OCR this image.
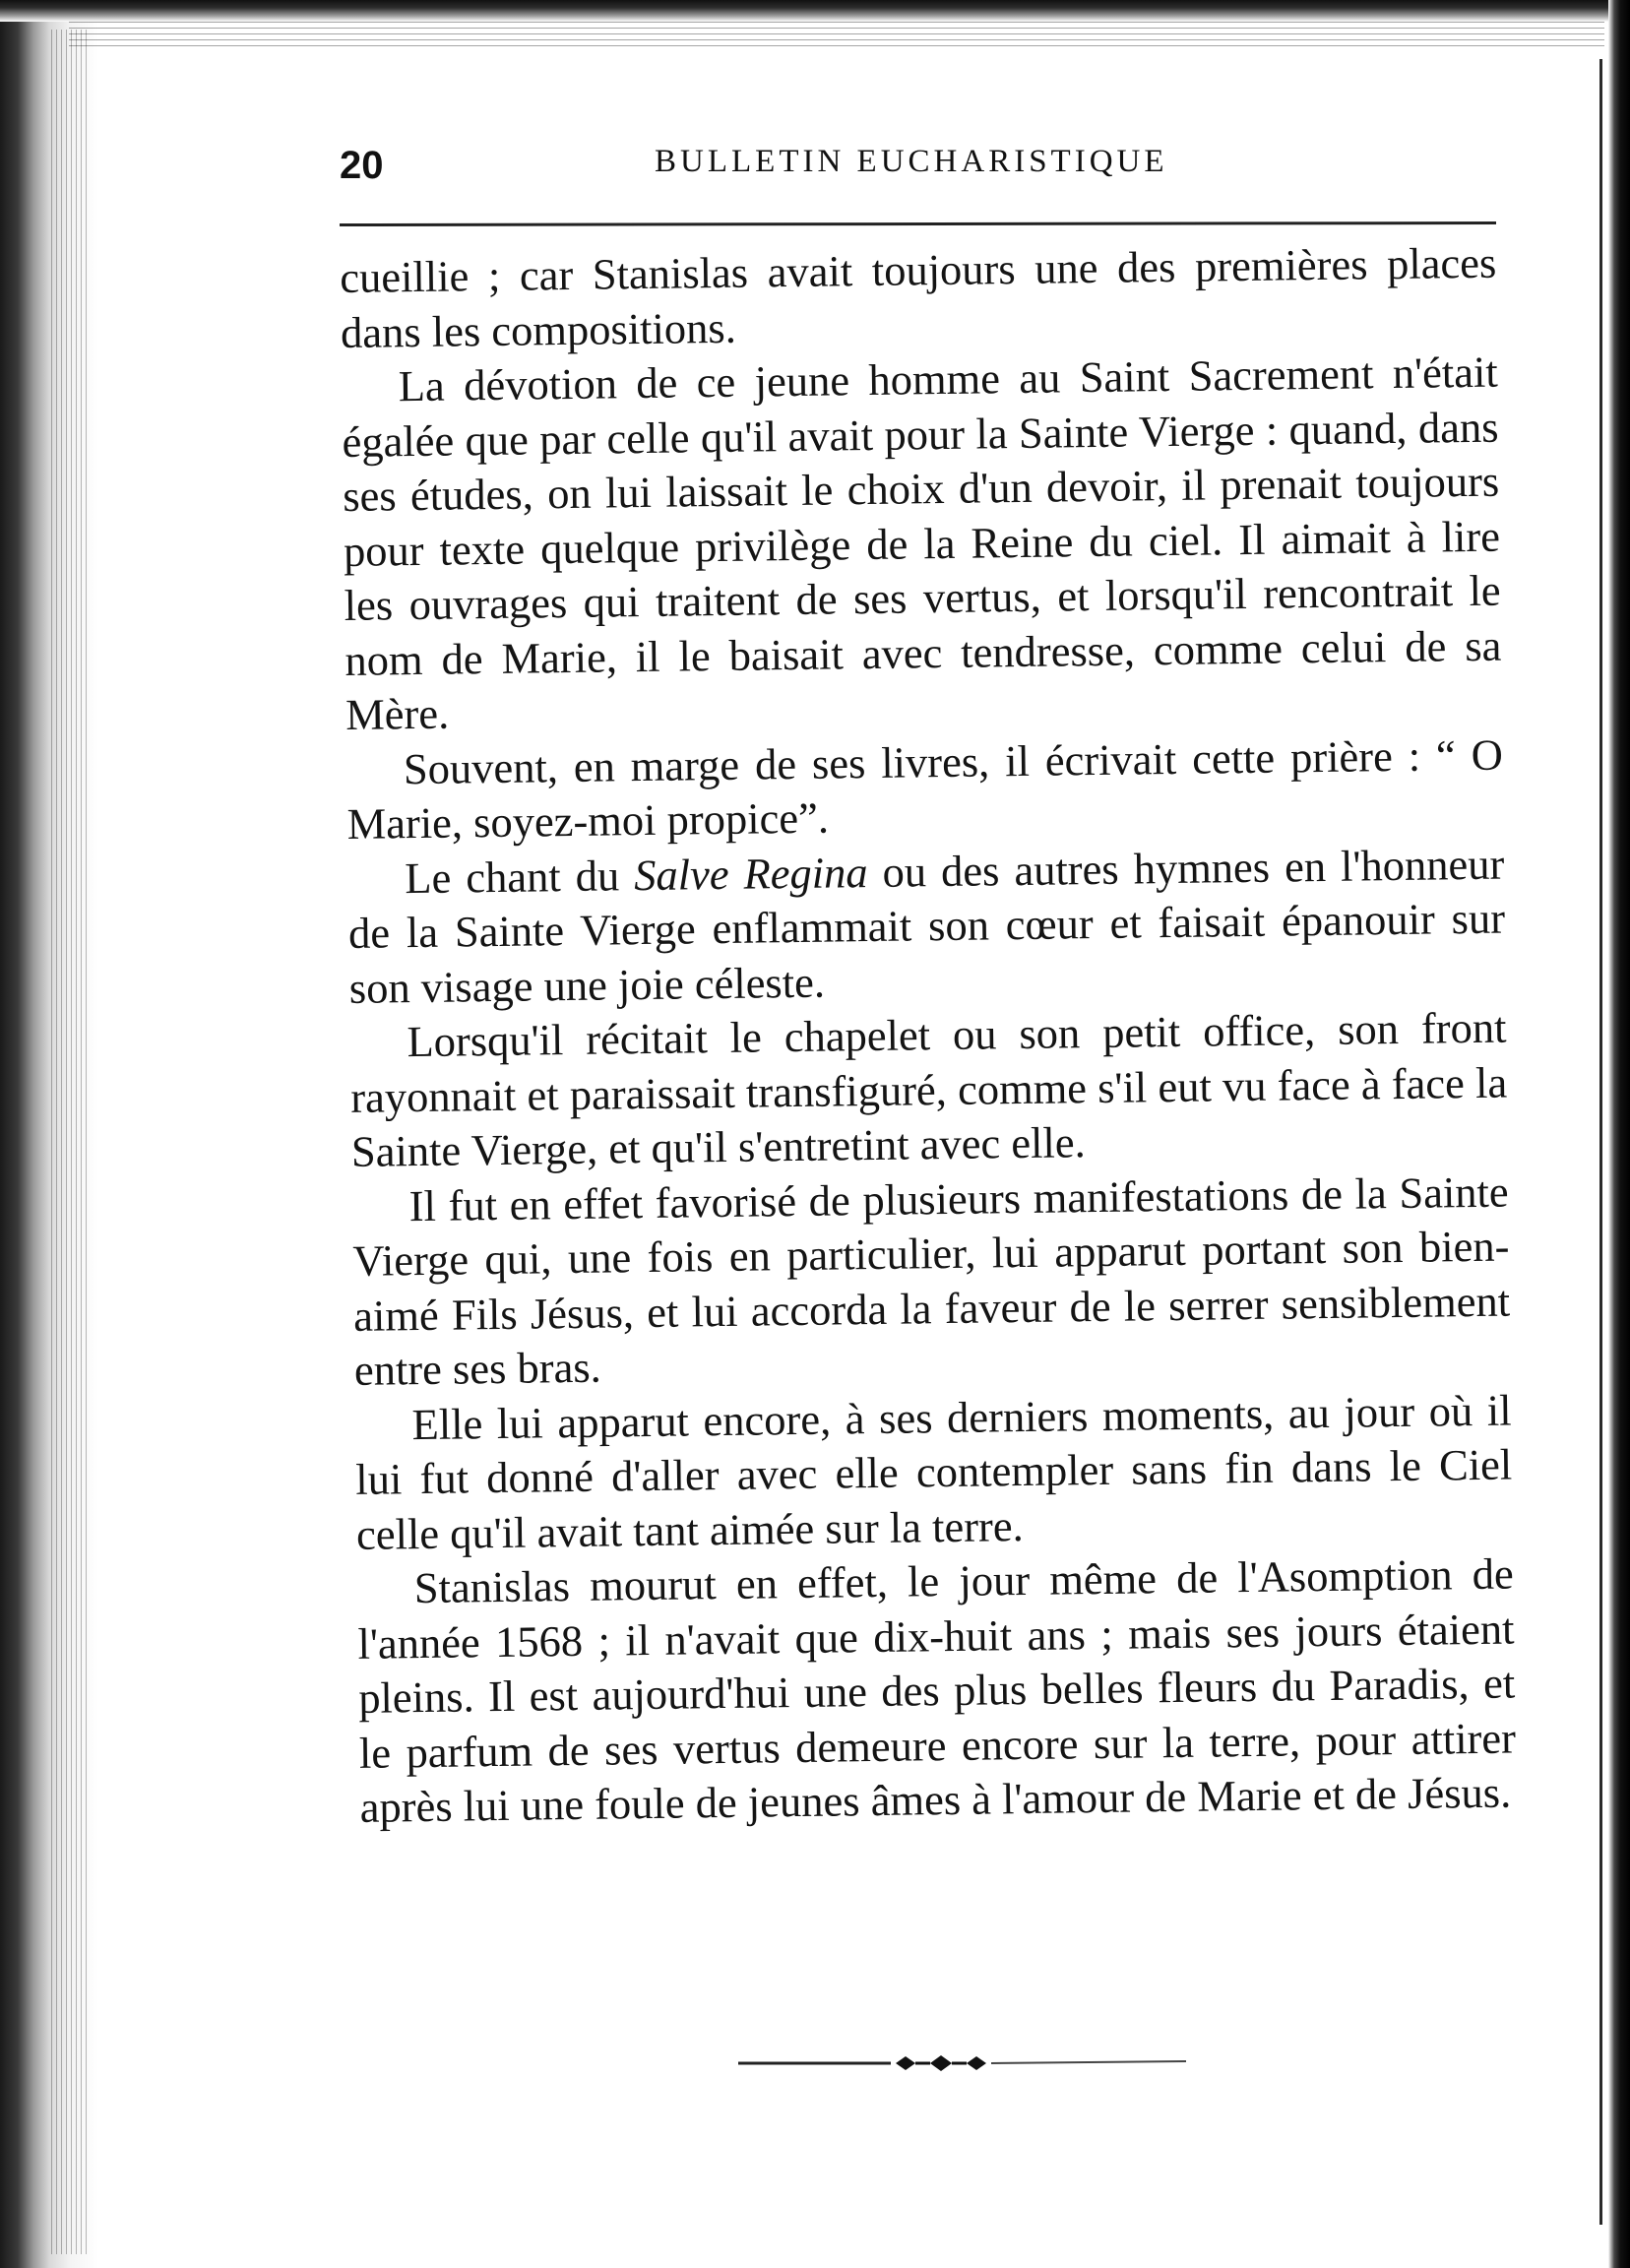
20	BULLETIN EUCHARISTIQUE

cueillie ; car Stanislas avait toujours une des premières places dans les compositions.

La dévotion de ce jeune homme au Saint Sacrement n'était égalée que par celle qu'il avait pour la Sainte Vierge : quand, dans ses études, on lui laissait le choix d'un devoir, il prenait toujours pour texte quelque privilège de la Reine du ciel. Il aimait à lire les ouvrages qui traitent de ses vertus, et lorsqu'il rencontrait le nom de Marie, il le baisait avec tendresse, comme celui de sa Mère.

Souvent, en marge de ses livres, il écrivait cette prière : “ O Marie, soyez-moi propice”.

Le chant du Salve Regina ou des autres hymnes en l'honneur de la Sainte Vierge enflammait son cœur et faisait épanouir sur son visage une joie céleste.

Lorsqu'il récitait le chapelet ou son petit office, son front rayonnait et paraissait transfiguré, comme s'il eut vu face à face la Sainte Vierge, et qu'il s'entretint avec elle.

Il fut en effet favorisé de plusieurs manifestations de la Sainte Vierge qui, une fois en particulier, lui apparut portant son bien-aimé Fils Jésus, et lui accorda la faveur de le serrer sensiblement entre ses bras.

Elle lui apparut encore, à ses derniers moments, au jour où il lui fut donné d'aller avec elle contempler sans fin dans le Ciel celle qu'il avait tant aimée sur la terre.

Stanislas mourut en effet, le jour même de l'Asomption de l'année 1568 ; il n'avait que dix-huit ans ; mais ses jours étaient pleins. Il est aujourd'hui une des plus belles fleurs du Paradis, et le parfum de ses vertus demeure encore sur la terre, pour attirer après lui une foule de jeunes âmes à l'amour de Marie et de Jésus.
